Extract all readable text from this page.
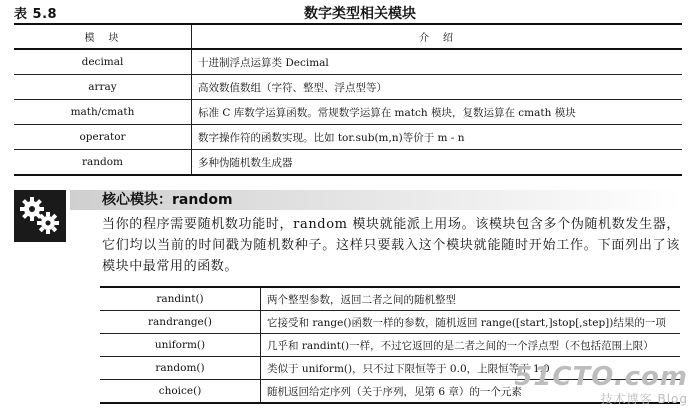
表 5.8	数字类型相关模块
模　块	介　绍
decimal	十进制浮点运算类 Decimal
array	高效数值数组（字符、整型、浮点型等）
math/cmath	标准 C 库数学运算函数。常规数学运算在 match 模块，复数运算在 cmath 模块
operator	数字操作符的函数实现。比如 tor.sub(m,n)等价于 m - n
random	多种伪随机数生成器
核心模块：random
当你的程序需要随机数功能时，random 模块就能派上用场。该模块包含多个伪随机数发生器，它们均以当前的时间戳为随机数种子。这样只要载入这个模块就能随时开始工作。下面列出了该模块中最常用的函数。
randint()	两个整型参数，返回二者之间的随机整型
randrange()	它接受和 range()函数一样的参数，随机返回 range([start,]stop[,step])结果的一项
uniform()	几乎和 randint()一样，不过它返回的是二者之间的一个浮点型（不包括范围上限）
random()	类似于 uniform()，只不过下限恒等于 0.0，上限恒等于 1.0
choice()	随机返回给定序列（关于序列，见第 6 章）的一个元素
51CTO.com
技术博客 Blog
